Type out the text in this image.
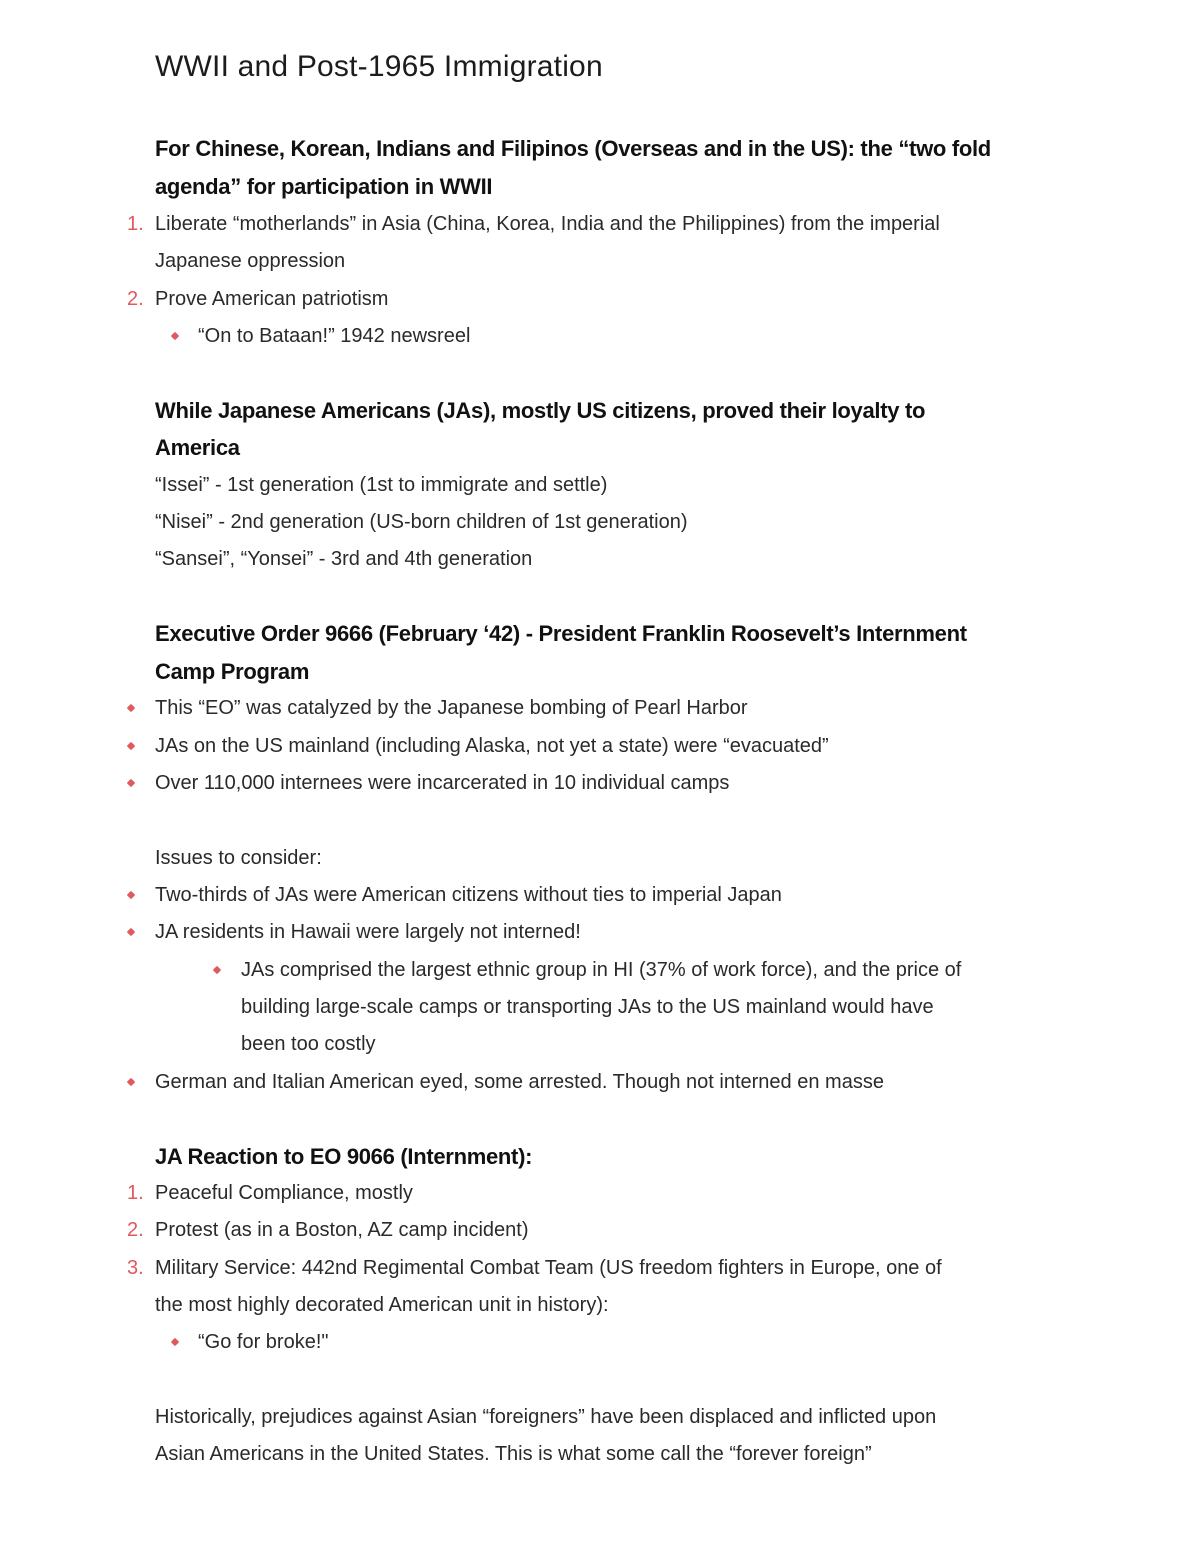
WWII and Post-1965 Immigration
For Chinese, Korean, Indians and Filipinos (Overseas and in the US): the “two fold
agenda” for participation in WWII
1. Liberate “motherlands” in Asia (China, Korea, India and the Philippines) from the imperial
Japanese oppression
2. Prove American patriotism
“On to Bataan!” 1942 newsreel
While Japanese Americans (JAs), mostly US citizens, proved their loyalty to
America
“Issei” - 1st generation (1st to immigrate and settle)
“Nisei” - 2nd generation (US-born children of 1st generation)
“Sansei”, “Yonsei” - 3rd and 4th generation
Executive Order 9666 (February ‘42) - President Franklin Roosevelt’s Internment
Camp Program
This “EO” was catalyzed by the Japanese bombing of Pearl Harbor
JAs on the US mainland (including Alaska, not yet a state) were “evacuated”
Over 110,000 internees were incarcerated in 10 individual camps
Issues to consider:
Two-thirds of JAs were American citizens without ties to imperial Japan
JA residents in Hawaii were largely not interned!
JAs comprised the largest ethnic group in HI (37% of work force), and the price of
building large-scale camps or transporting JAs to the US mainland would have
been too costly
German and Italian American eyed, some arrested. Though not interned en masse
JA Reaction to EO 9066 (Internment):
1. Peaceful Compliance, mostly
2. Protest (as in a Boston, AZ camp incident)
3. Military Service: 442nd Regimental Combat Team (US freedom fighters in Europe, one of
the most highly decorated American unit in history):
“Go for broke!"
Historically, prejudices against Asian “foreigners” have been displaced and inflicted upon
Asian Americans in the United States. This is what some call the “forever foreign”
